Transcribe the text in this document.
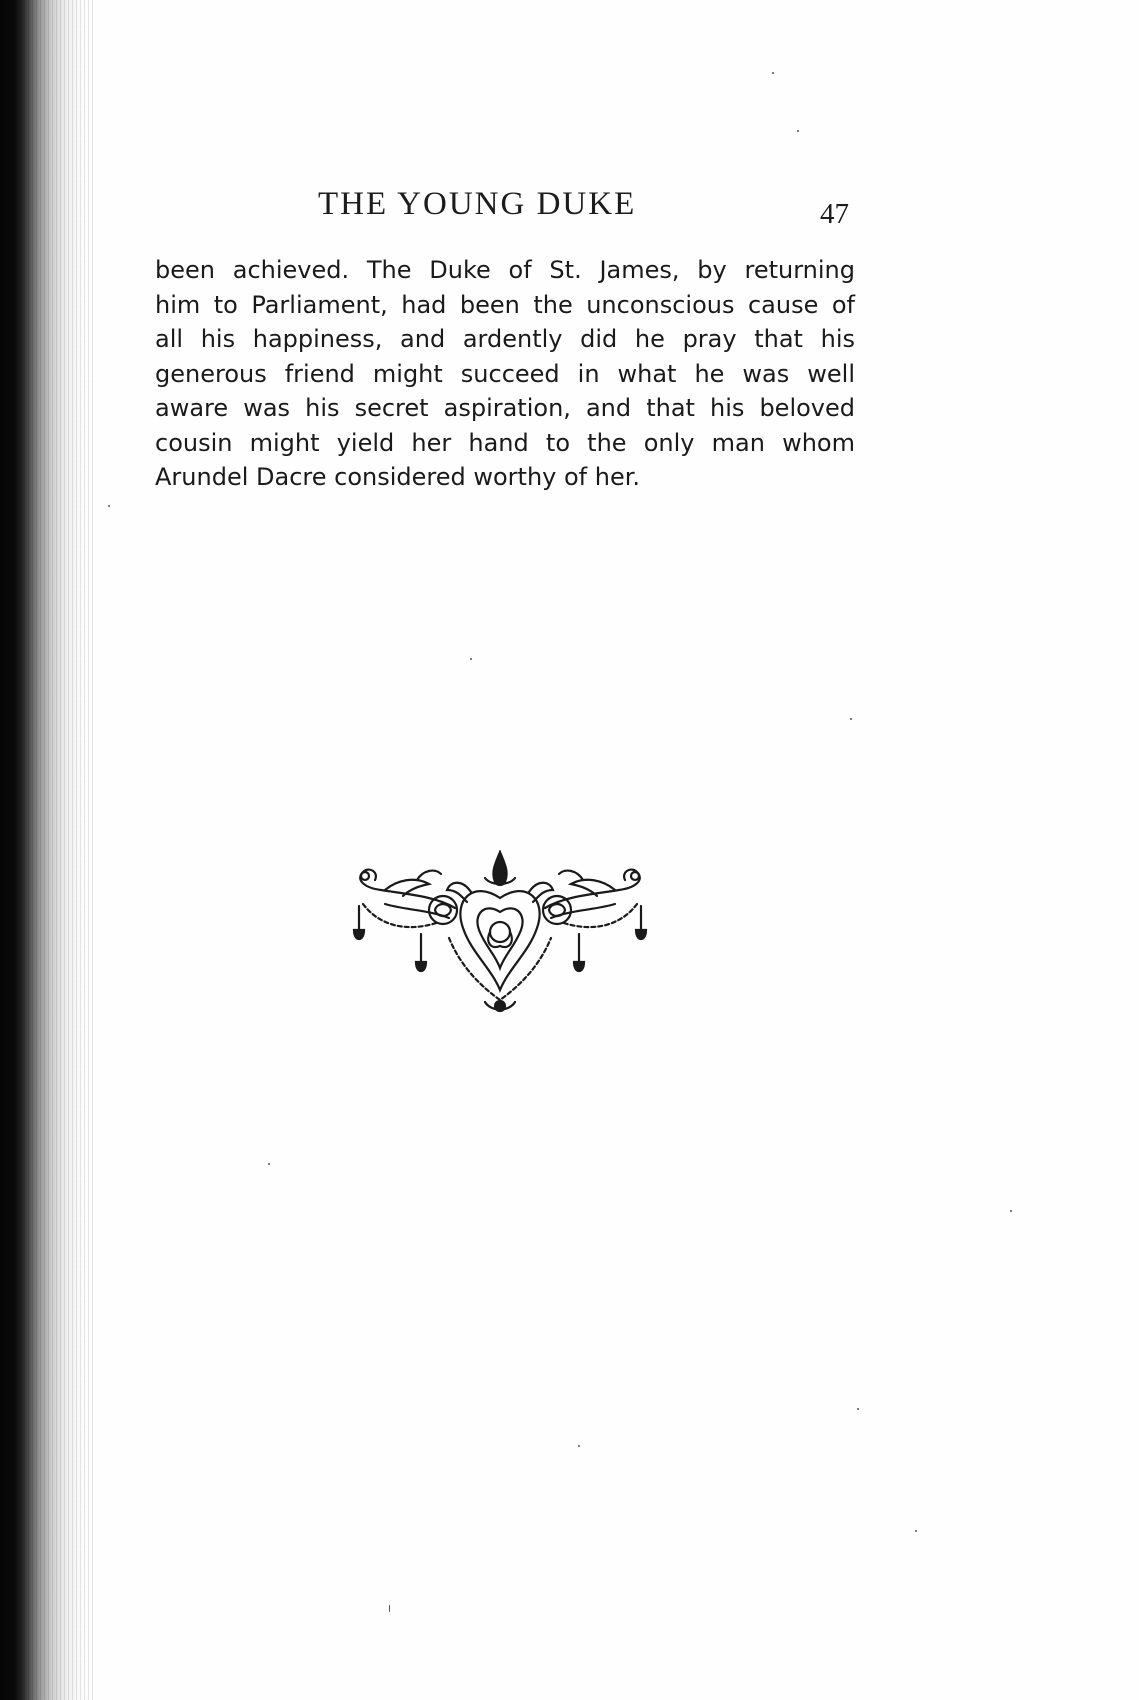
THE YOUNG DUKE	47
been achieved. The Duke of St. James, by returning
him to Parliament, had been the unconscious cause of
all his happiness, and ardently did he pray that his
generous friend might succeed in what he was well
aware was his secret aspiration, and that his beloved
cousin might yield her hand to the only man whom
Arundel Dacre considered worthy of her.
